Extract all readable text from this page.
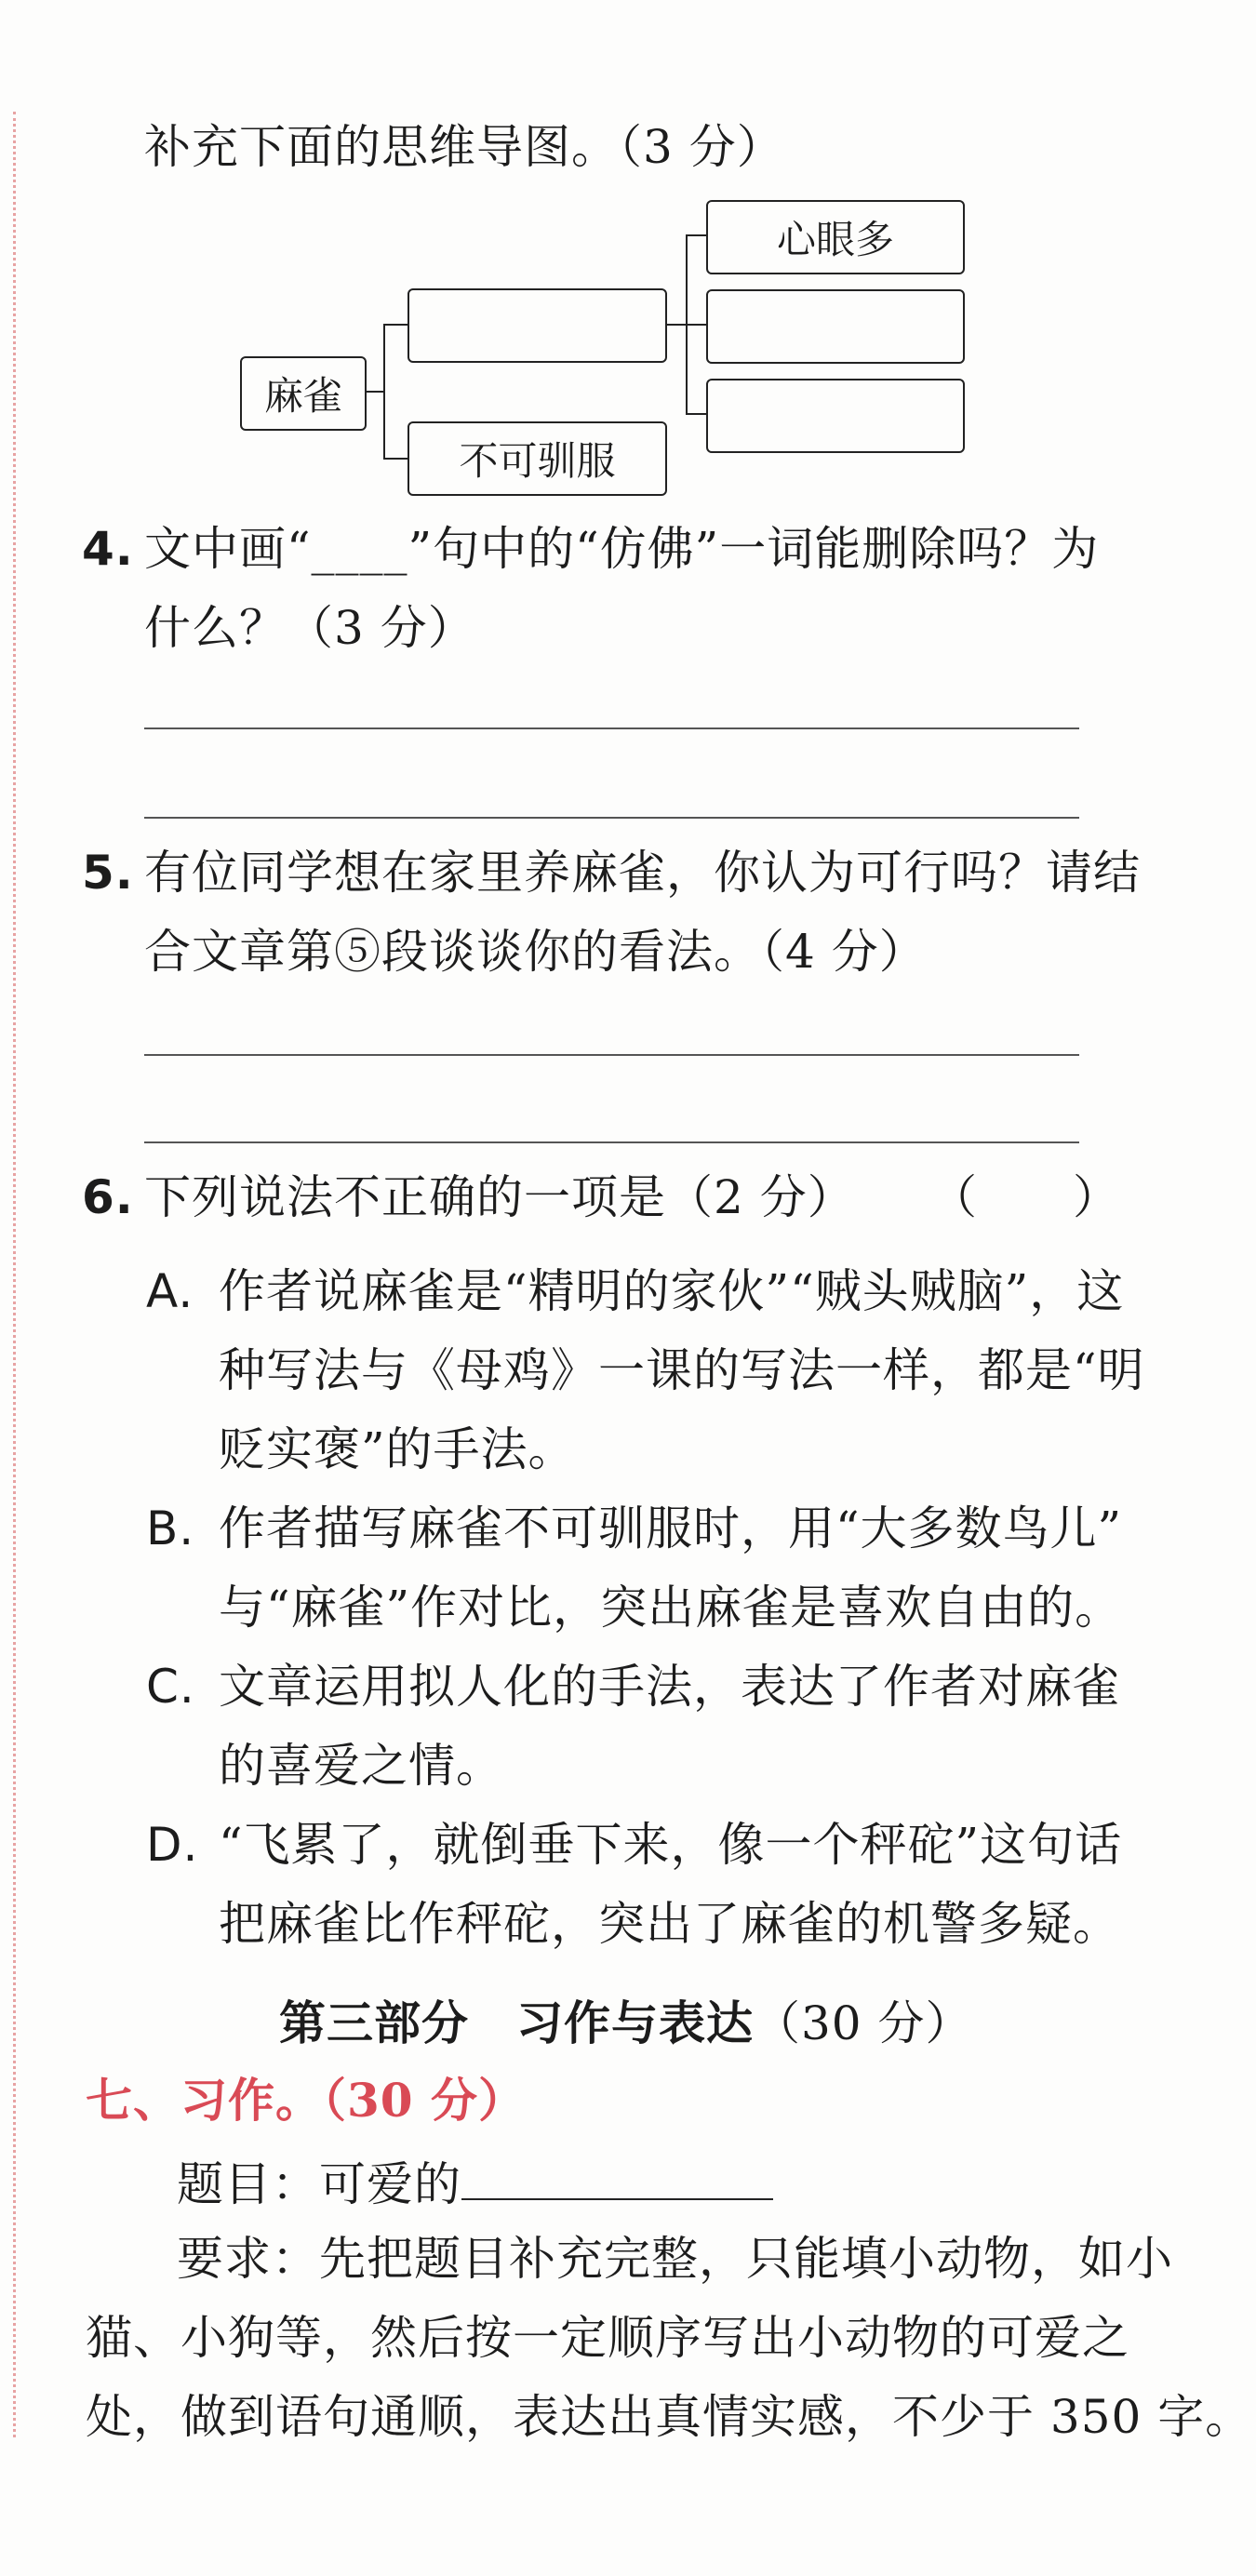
补充下面的思维导图。（3 分）
麻雀
不可驯服
心眼多
4. 文中画“____”句中的“仿佛”一词能删除吗？为
什么？（3 分）
5. 有位同学想在家里养麻雀，你认为可行吗？请结
合文章第⑤段谈谈你的看法。（4 分）
6. 下列说法不正确的一项是（2 分） （　　）
A. 作者说麻雀是“精明的家伙”“贼头贼脑”，这
种写法与《母鸡》一课的写法一样，都是“明
贬实褒”的手法。
B. 作者描写麻雀不可驯服时，用“大多数鸟儿”
与“麻雀”作对比，突出麻雀是喜欢自由的。
C. 文章运用拟人化的手法，表达了作者对麻雀
的喜爱之情。
D. “飞累了，就倒垂下来，像一个秤砣”这句话
把麻雀比作秤砣，突出了麻雀的机警多疑。
第三部分　习作与表达（30 分）
七、习作。（30 分）
题目：可爱的
要求：先把题目补充完整，只能填小动物，如小
猫、小狗等，然后按一定顺序写出小动物的可爱之
处，做到语句通顺，表达出真情实感，不少于 350 字。
